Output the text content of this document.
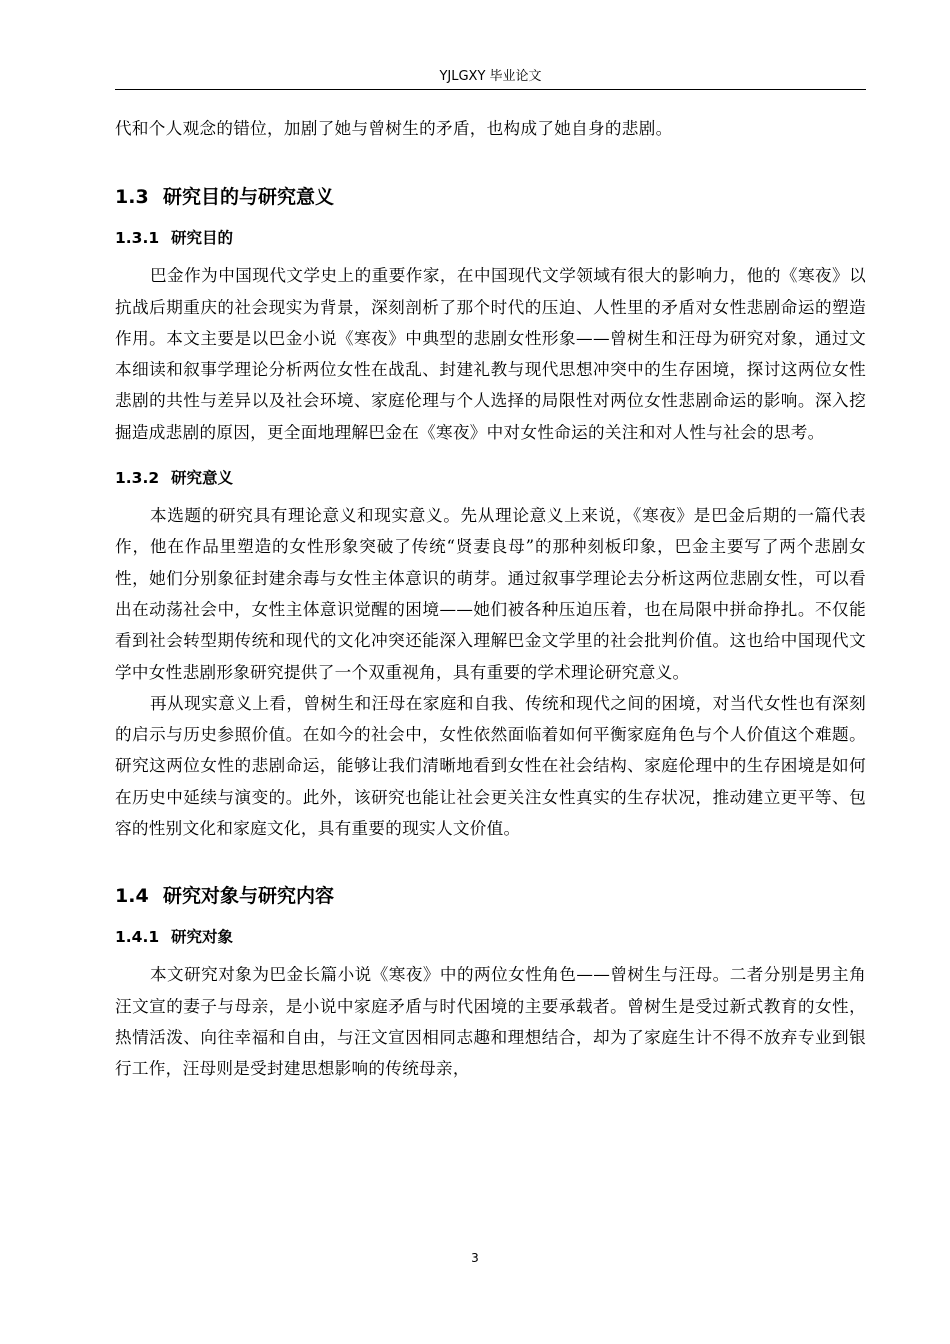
YJLGXY 毕业论文

代和个人观念的错位，加剧了她与曾树生的矛盾，也构成了她自身的悲剧。

1.3 研究目的与研究意义
1.3.1 研究目的

巴金作为中国现代文学史上的重要作家，在中国现代文学领域有很大的影响力，他的《寒夜》以抗战后期重庆的社会现实为背景，深刻剖析了那个时代的压迫、人性里的矛盾对女性悲剧命运的塑造作用。本文主要是以巴金小说《寒夜》中典型的悲剧女性形象——曾树生和汪母为研究对象，通过文本细读和叙事学理论分析两位女性在战乱、封建礼教与现代思想冲突中的生存困境，探讨这两位女性悲剧的共性与差异以及社会环境、家庭伦理与个人选择的局限性对两位女性悲剧命运的影响。深入挖掘造成悲剧的原因，更全面地理解巴金在《寒夜》中对女性命运的关注和对人性与社会的思考。

1.3.2 研究意义

本选题的研究具有理论意义和现实意义。先从理论意义上来说，《寒夜》是巴金后期的一篇代表作，他在作品里塑造的女性形象突破了传统“贤妻良母”的那种刻板印象，巴金主要写了两个悲剧女性，她们分别象征封建余毒与女性主体意识的萌芽。通过叙事学理论去分析这两位悲剧女性，可以看出在动荡社会中，女性主体意识觉醒的困境——她们被各种压迫压着，也在局限中拼命挣扎。不仅能看到社会转型期传统和现代的文化冲突还能深入理解巴金文学里的社会批判价值。这也给中国现代文学中女性悲剧形象研究提供了一个双重视角，具有重要的学术理论研究意义。

再从现实意义上看，曾树生和汪母在家庭和自我、传统和现代之间的困境，对当代女性也有深刻的启示与历史参照价值。在如今的社会中，女性依然面临着如何平衡家庭角色与个人价值这个难题。研究这两位女性的悲剧命运，能够让我们清晰地看到女性在社会结构、家庭伦理中的生存困境是如何在历史中延续与演变的。此外，该研究也能让社会更关注女性真实的生存状况，推动建立更平等、包容的性别文化和家庭文化，具有重要的现实人文价值。

1.4 研究对象与研究内容
1.4.1 研究对象

本文研究对象为巴金长篇小说《寒夜》中的两位女性角色——曾树生与汪母。二者分别是男主角汪文宣的妻子与母亲，是小说中家庭矛盾与时代困境的主要承载者。曾树生是受过新式教育的女性，热情活泼、向往幸福和自由，与汪文宣因相同志趣和理想结合，却为了家庭生计不得不放弃专业到银行工作，汪母则是受封建思想影响的传统母亲，

3
